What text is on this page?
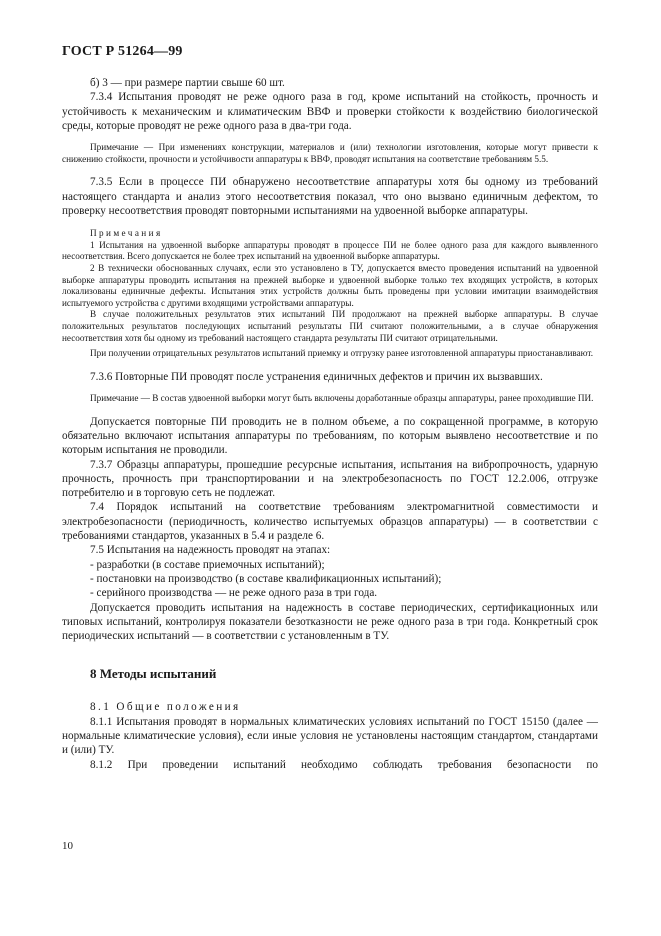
ГОСТ Р 51264—99

б) 3 — при размере партии свыше 60 шт.

7.3.4 Испытания проводят не реже одного раза в год, кроме испытаний на стойкость, прочность и устойчивость к механическим и климатическим ВВФ и проверки стойкости к воздействию биологической среды, которые проводят не реже одного раза в два-три года.

Примечание — При изменениях конструкции, материалов и (или) технологии изготовления, которые могут привести к снижению стойкости, прочности и устойчивости аппаратуры к ВВФ, проводят испытания на соответствие требованиям 5.5.

7.3.5 Если в процессе ПИ обнаружено несоответствие аппаратуры хотя бы одному из требований настоящего стандарта и анализ этого несоответствия показал, что оно вызвано единичным дефектом, то проверку несоответствия проводят повторными испытаниями на удвоенной выборке аппаратуры.

Примечания

1 Испытания на удвоенной выборке аппаратуры проводят в процессе ПИ не более одного раза для каждого выявленного несоответствия. Всего допускается не более трех испытаний на удвоенной выборке аппаратуры.

2 В технически обоснованных случаях, если это установлено в ТУ, допускается вместо проведения испытаний на удвоенной выборке аппаратуры проводить испытания на прежней выборке и удвоенной выборке только тех входящих устройств, в которых локализованы единичные дефекты. Испытания этих устройств должны быть проведены при условии имитации взаимодействия испытуемого устройства с другими входящими устройствами аппаратуры.

В случае положительных результатов этих испытаний ПИ продолжают на прежней выборке аппаратуры. В случае положительных результатов последующих испытаний результаты ПИ считают положительными, а в случае обнаружения несоответствия хотя бы одному из требований настоящего стандарта результаты ПИ считают отрицательными.

При получении отрицательных результатов испытаний приемку и отгрузку ранее изготовленной аппаратуры приостанавливают.

7.3.6 Повторные ПИ проводят после устранения единичных дефектов и причин их вызвавших.

Примечание — В состав удвоенной выборки могут быть включены доработанные образцы аппаратуры, ранее проходившие ПИ.

Допускается повторные ПИ проводить не в полном объеме, а по сокращенной программе, в которую обязательно включают испытания аппаратуры по требованиям, по которым выявлено несоответствие и по которым испытания не проводили.

7.3.7 Образцы аппаратуры, прошедшие ресурсные испытания, испытания на вибропрочность, ударную прочность, прочность при транспортировании и на электробезопасность по ГОСТ 12.2.006, отгрузке потребителю и в торговую сеть не подлежат.

7.4 Порядок испытаний на соответствие требованиям электромагнитной совместимости и электробезопасности (периодичность, количество испытуемых образцов аппаратуры) — в соответствии с требованиями стандартов, указанных в 5.4 и разделе 6.

7.5 Испытания на надежность проводят на этапах:

- разработки (в составе приемочных испытаний);

- постановки на производство (в составе квалификационных испытаний);

- серийного производства — не реже одного раза в три года.

Допускается проводить испытания на надежность в составе периодических, сертификационных или типовых испытаний, контролируя показатели безотказности не реже одного раза в три года. Конкретный срок периодических испытаний — в соответствии с установленным в ТУ.

8 Методы испытаний

8.1 Общие положения

8.1.1 Испытания проводят в нормальных климатических условиях испытаний по ГОСТ 15150 (далее — нормальные климатические условия), если иные условия не установлены настоящим стандартом, стандартами и (или) ТУ.

8.1.2 При проведении испытаний необходимо соблюдать требования безопасности по

10
